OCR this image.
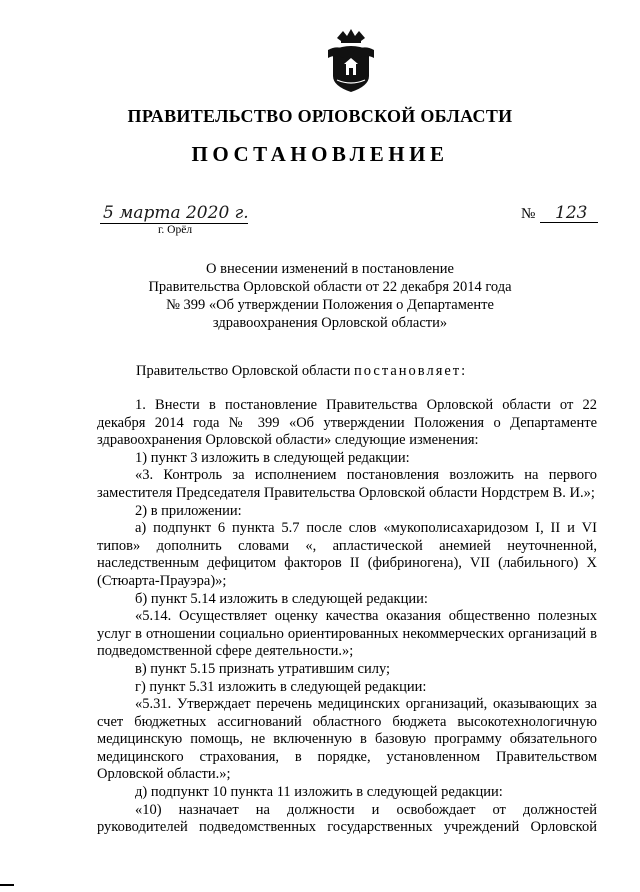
ПРАВИТЕЛЬСТВО ОРЛОВСКОЙ ОБЛАСТИ
ПОСТАНОВЛЕНИЕ
5 марта 2020 г.
г. Орёл
№ 123
О внесении изменений в постановление
Правительства Орловской области от 22 декабря 2014 года
№ 399 «Об утверждении Положения о Департаменте
здравоохранения Орловской области»
Правительство Орловской области постановляет:

1. Внести в постановление Правительства Орловской области от 22 декабря 2014 года № 399 «Об утверждении Положения о Департаменте здравоохранения Орловской области» следующие изменения:

1) пункт 3 изложить в следующей редакции:

«3. Контроль за исполнением постановления возложить на первого заместителя Председателя Правительства Орловской области Нордстрем В. И.»;

2) в приложении:

а) подпункт 6 пункта 5.7 после слов «мукополисахаридозом I, II и VI типов» дополнить словами «, апластической анемией неуточненной, наследственным дефицитом факторов II (фибриногена), VII (лабильного) X (Стюарта-Прауэра)»;

б) пункт 5.14 изложить в следующей редакции:

«5.14. Осуществляет оценку качества оказания общественно полезных услуг в отношении социально ориентированных некоммерческих организаций в подведомственной сфере деятельности.»;

в) пункт 5.15 признать утратившим силу;

г) пункт 5.31 изложить в следующей редакции:

«5.31. Утверждает перечень медицинских организаций, оказывающих за счет бюджетных ассигнований областного бюджета высокотехнологичную медицинскую помощь, не включенную в базовую программу обязательного медицинского страхования, в порядке, установленном Правительством Орловской области.»;

д) подпункт 10 пункта 11 изложить в следующей редакции:

«10) назначает на должности и освобождает от должностей руководителей подведомственных государственных учреждений Орловской
